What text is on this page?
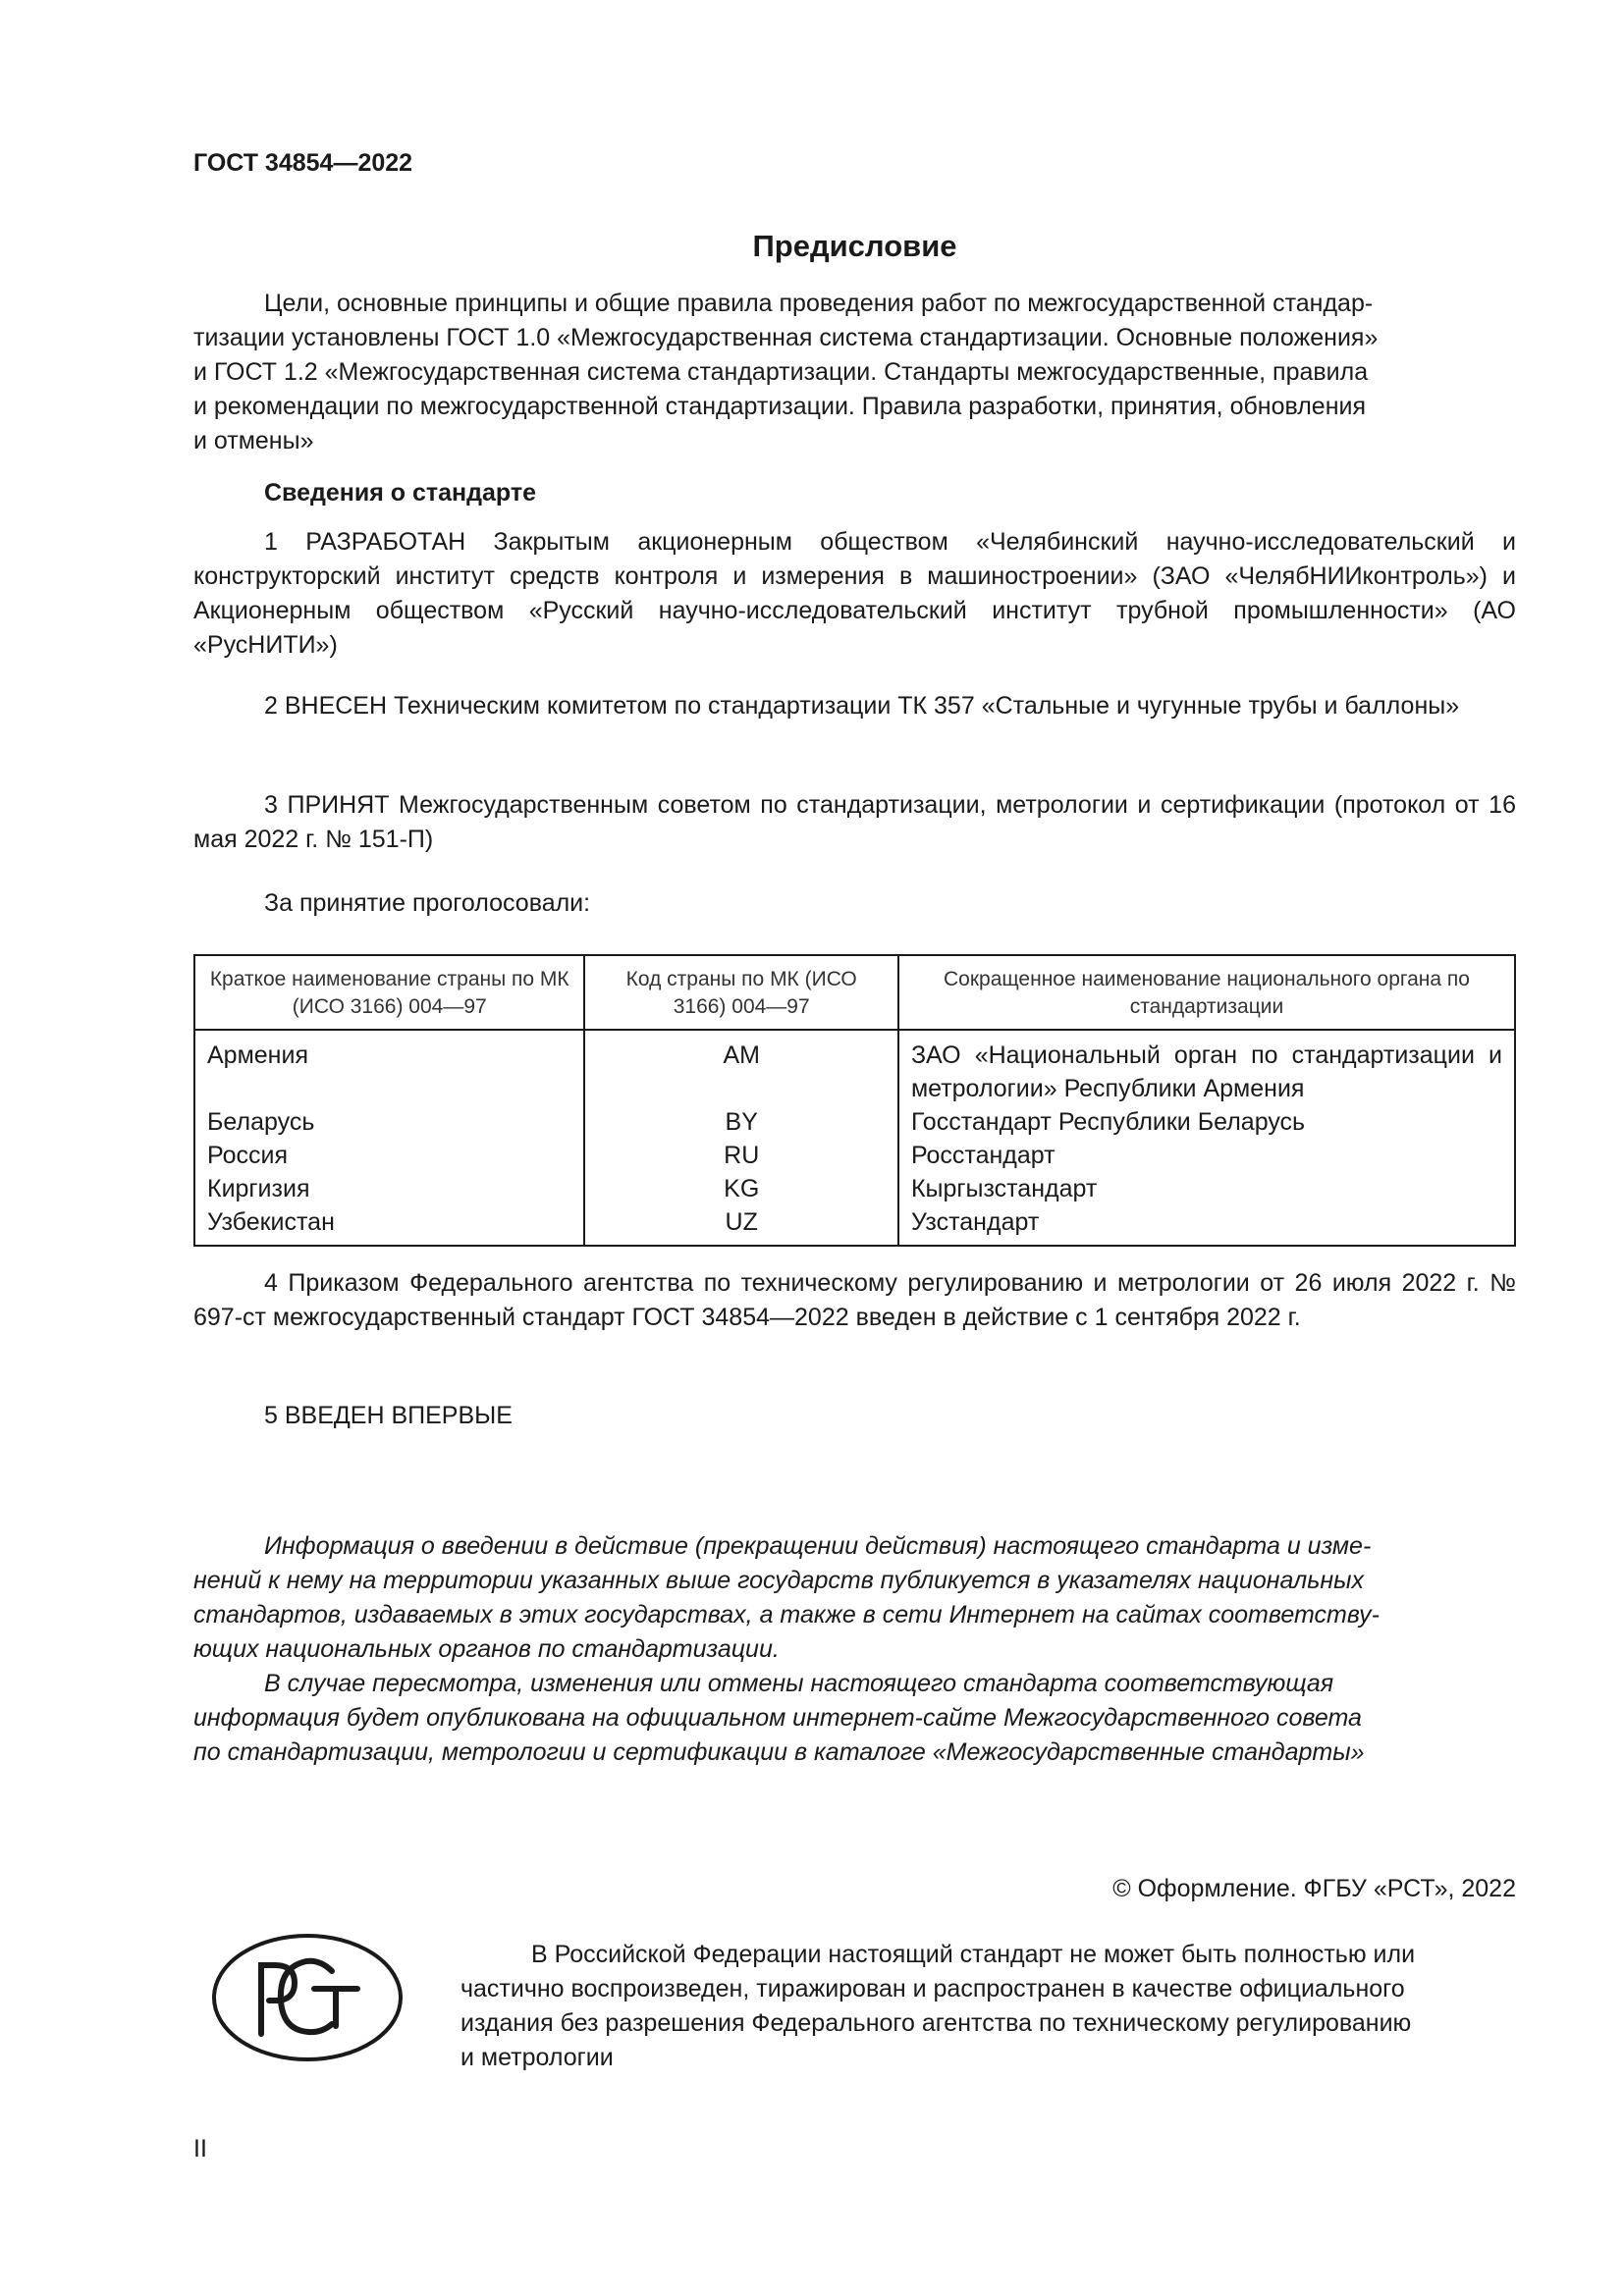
ГОСТ 34854—2022
Предисловие
Цели, основные принципы и общие правила проведения работ по межгосударственной стандар-
тизации установлены ГОСТ 1.0 «Межгосударственная система стандартизации. Основные положения»
и ГОСТ 1.2 «Межгосударственная система стандартизации. Стандарты межгосударственные, правила
и рекомендации по межгосударственной стандартизации. Правила разработки, принятия, обновления
и отмены»
Сведения о стандарте
1 РАЗРАБОТАН Закрытым акционерным обществом «Челябинский научно-исследовательский и конструкторский институт средств контроля и измерения в машиностроении» (ЗАО «ЧелябНИИконтроль») и Акционерным обществом «Русский научно-исследовательский институт трубной промышленности» (АО «РусНИТИ»)
2 ВНЕСЕН Техническим комитетом по стандартизации ТК 357 «Стальные и чугунные трубы и баллоны»
3 ПРИНЯТ Межгосударственным советом по стандартизации, метрологии и сертификации (протокол от 16 мая 2022 г. № 151-П)
За принятие проголосовали:
Краткое наименование страны по МК (ИСО 3166) 004—97	Код страны по МК (ИСО 3166) 004—97	Сокращенное наименование национального органа по стандартизации
Армения	AM	ЗАО «Национальный орган по стандартизации и метрологии» Республики Армения
Беларусь	BY	Госстандарт Республики Беларусь
Россия	RU	Росстандарт
Киргизия	KG	Кыргызстандарт
Узбекистан	UZ	Узстандарт
4 Приказом Федерального агентства по техническому регулированию и метрологии от 26 июля 2022 г. № 697-ст межгосударственный стандарт ГОСТ 34854—2022 введен в действие с 1 сентября 2022 г.
5 ВВЕДЕН ВПЕРВЫЕ
Информация о введении в действие (прекращении действия) настоящего стандарта и изме-
нений к нему на территории указанных выше государств публикуется в указателях национальных
стандартов, издаваемых в этих государствах, а также в сети Интернет на сайтах соответству-
ющих национальных органов по стандартизации.
В случае пересмотра, изменения или отмены настоящего стандарта соответствующая
информация будет опубликована на официальном интернет-сайте Межгосударственного совета
по стандартизации, метрологии и сертификации в каталоге «Межгосударственные стандарты»
© Оформление. ФГБУ «РСТ», 2022
В Российской Федерации настоящий стандарт не может быть полностью или
частично воспроизведен, тиражирован и распространен в качестве официального
издания без разрешения Федерального агентства по техническому регулированию
и метрологии
II
